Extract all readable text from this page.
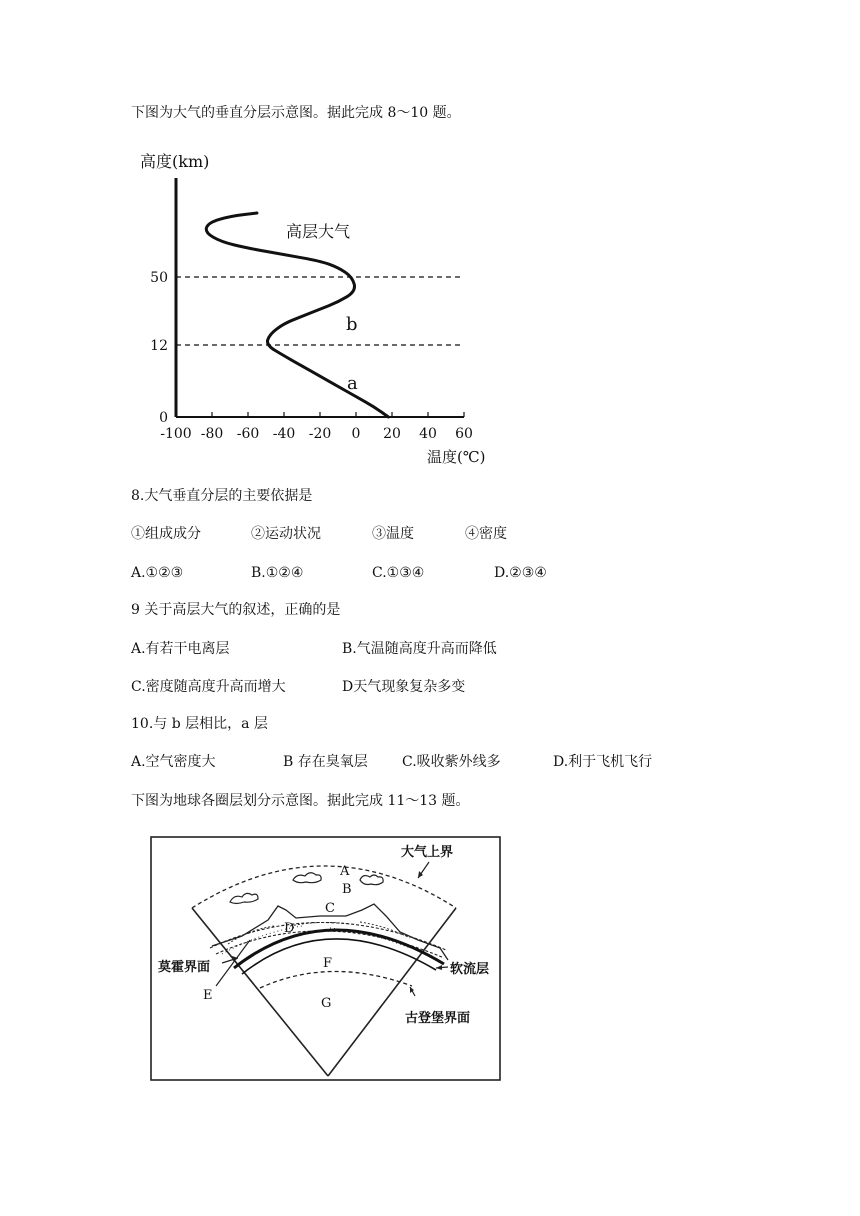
下图为大气的垂直分层示意图。据此完成 8～10 题。
-100 -80 -60 -40 -20 0 20 40 60
0
12
50
高度(km)
温度(℃)
高层大气
b
a
8.大气垂直分层的主要依据是
①组成成分	②运动状况	③温度	④密度
A.①②③	B.①②④	C.①③④	D.②③④
9 关于高层大气的叙述，正确的是
A.有若干电离层	B.气温随高度升高而降低
C.密度随高度升高而增大	D天气现象复杂多变
10.与 b 层相比，a 层
A.空气密度大	B 存在臭氧层 C.吸收紫外线多	D.利于飞机飞行
下图为地球各圈层划分示意图。据此完成 11～13 题。
大气上界
A
B
C
D
F
G
莫霍界面
E
软流层
古登堡界面
